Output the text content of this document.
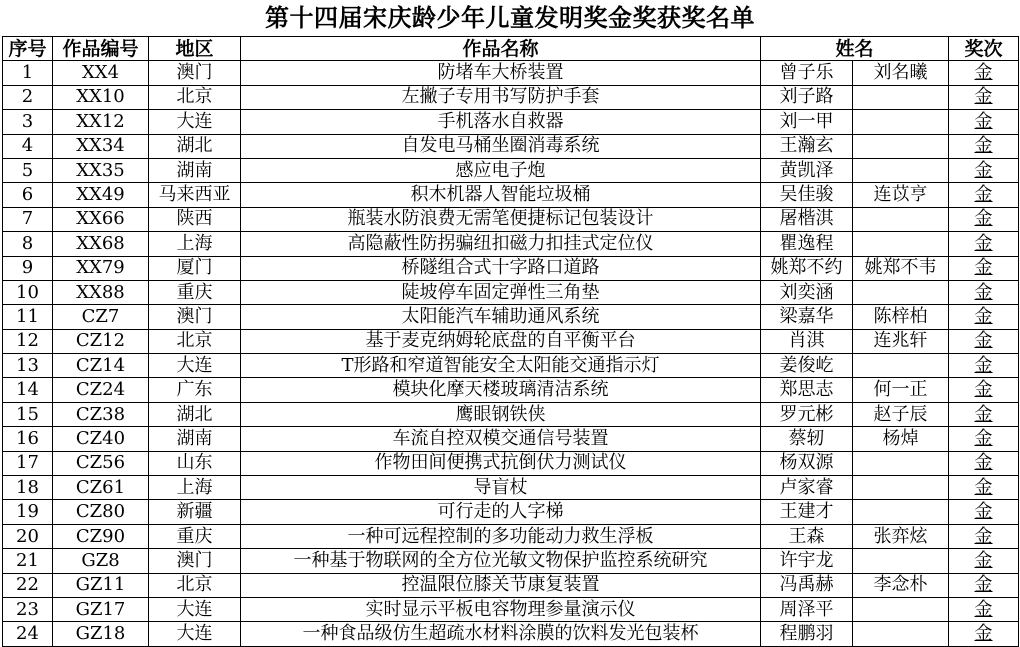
第十四届宋庆龄少年儿童发明奖金奖获奖名单
序号	作品编号	地区	作品名称	姓名		奖次
1	XX4	澳门	防堵车大桥装置	曾子乐	刘名曦	金
2	XX10	北京	左撇子专用书写防护手套	刘子路		金
3	XX12	大连	手机落水自救器	刘一甲		金
4	XX34	湖北	自发电马桶坐圈消毒系统	王瀚玄		金
5	XX35	湖南	感应电子炮	黄凯泽		金
6	XX49	马来西亚	积木机器人智能垃圾桶	吴佳骏	连苡亨	金
7	XX66	陕西	瓶装水防浪费无需笔便捷标记包装设计	屠楷淇		金
8	XX68	上海	高隐蔽性防拐骗纽扣磁力扣挂式定位仪	瞿逸程		金
9	XX79	厦门	桥隧组合式十字路口道路	姚郑不约	姚郑不韦	金
10	XX88	重庆	陡坡停车固定弹性三角垫	刘奕涵		金
11	CZ7	澳门	太阳能汽车辅助通风系统	梁嘉华	陈梓柏	金
12	CZ12	北京	基于麦克纳姆轮底盘的自平衡平台	肖淇	连兆轩	金
13	CZ14	大连	T形路和窄道智能安全太阳能交通指示灯	姜俊屹		金
14	CZ24	广东	模块化摩天楼玻璃清洁系统	郑思志	何一正	金
15	CZ38	湖北	鹰眼钢铁侠	罗元彬	赵子辰	金
16	CZ40	湖南	车流自控双模交通信号装置	蔡轫	杨焯	金
17	CZ56	山东	作物田间便携式抗倒伏力测试仪	杨双源		金
18	CZ61	上海	导盲杖	卢家睿		金
19	CZ80	新疆	可行走的人字梯	王建才		金
20	CZ90	重庆	一种可远程控制的多功能动力救生浮板	王森	张弈炫	金
21	GZ8	澳门	一种基于物联网的全方位光敏文物保护监控系统研究	许宇龙		金
22	GZ11	北京	控温限位膝关节康复装置	冯禹赫	李念朴	金
23	GZ17	大连	实时显示平板电容物理参量演示仪	周泽平		金
24	GZ18	大连	一种食品级仿生超疏水材料涂膜的饮料发光包装杯	程鹏羽		金
